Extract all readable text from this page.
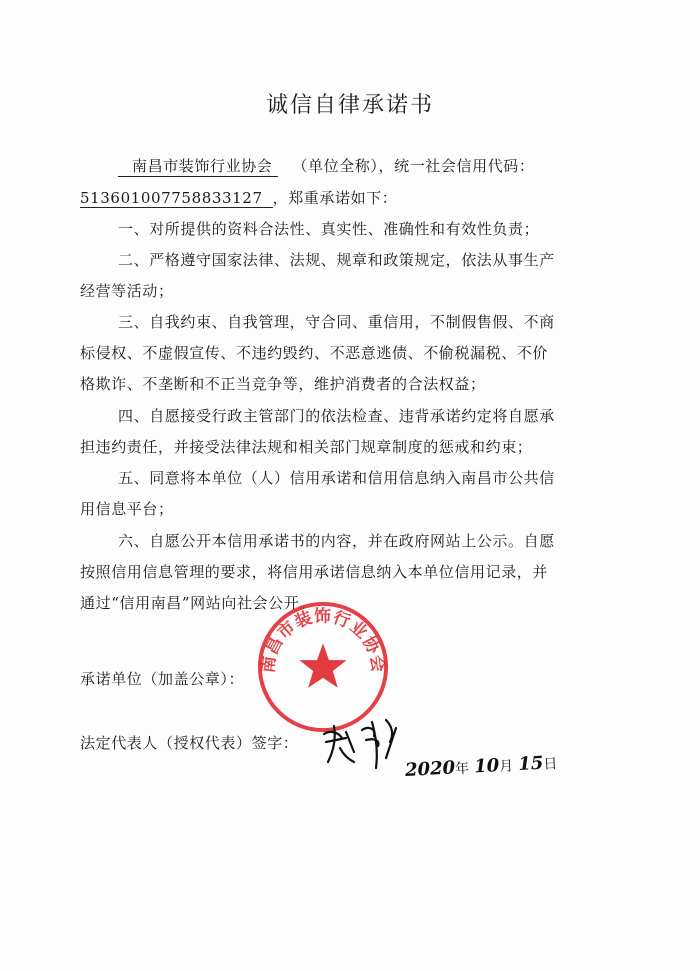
诚信自律承诺书
南昌市装饰行业协会 （单位全称），统一社会信用代码：
513601007758833127 ，郑重承诺如下：
一、对所提供的资料合法性、真实性、准确性和有效性负责；
二、严格遵守国家法律、法规、规章和政策规定，依法从事生产
经营等活动；
三、自我约束、自我管理，守合同、重信用，不制假售假、不商
标侵权、不虚假宣传、不违约毁约、不恶意逃债、不偷税漏税、不价
格欺诈、不垄断和不正当竞争等，维护消费者的合法权益；
四、自愿接受行政主管部门的依法检查、违背承诺约定将自愿承
担违约责任，并接受法律法规和相关部门规章制度的惩戒和约束；
五、同意将本单位（人）信用承诺和信用信息纳入南昌市公共信
用信息平台；
六、自愿公开本信用承诺书的内容，并在政府网站上公示。自愿
按照信用信息管理的要求，将信用承诺信息纳入本单位信用记录，并
通过“信用南昌”网站向社会公开。
承诺单位（加盖公章）：
法定代表人（授权代表）签字：
南昌市装饰行业协会
2020年 10月 15日
